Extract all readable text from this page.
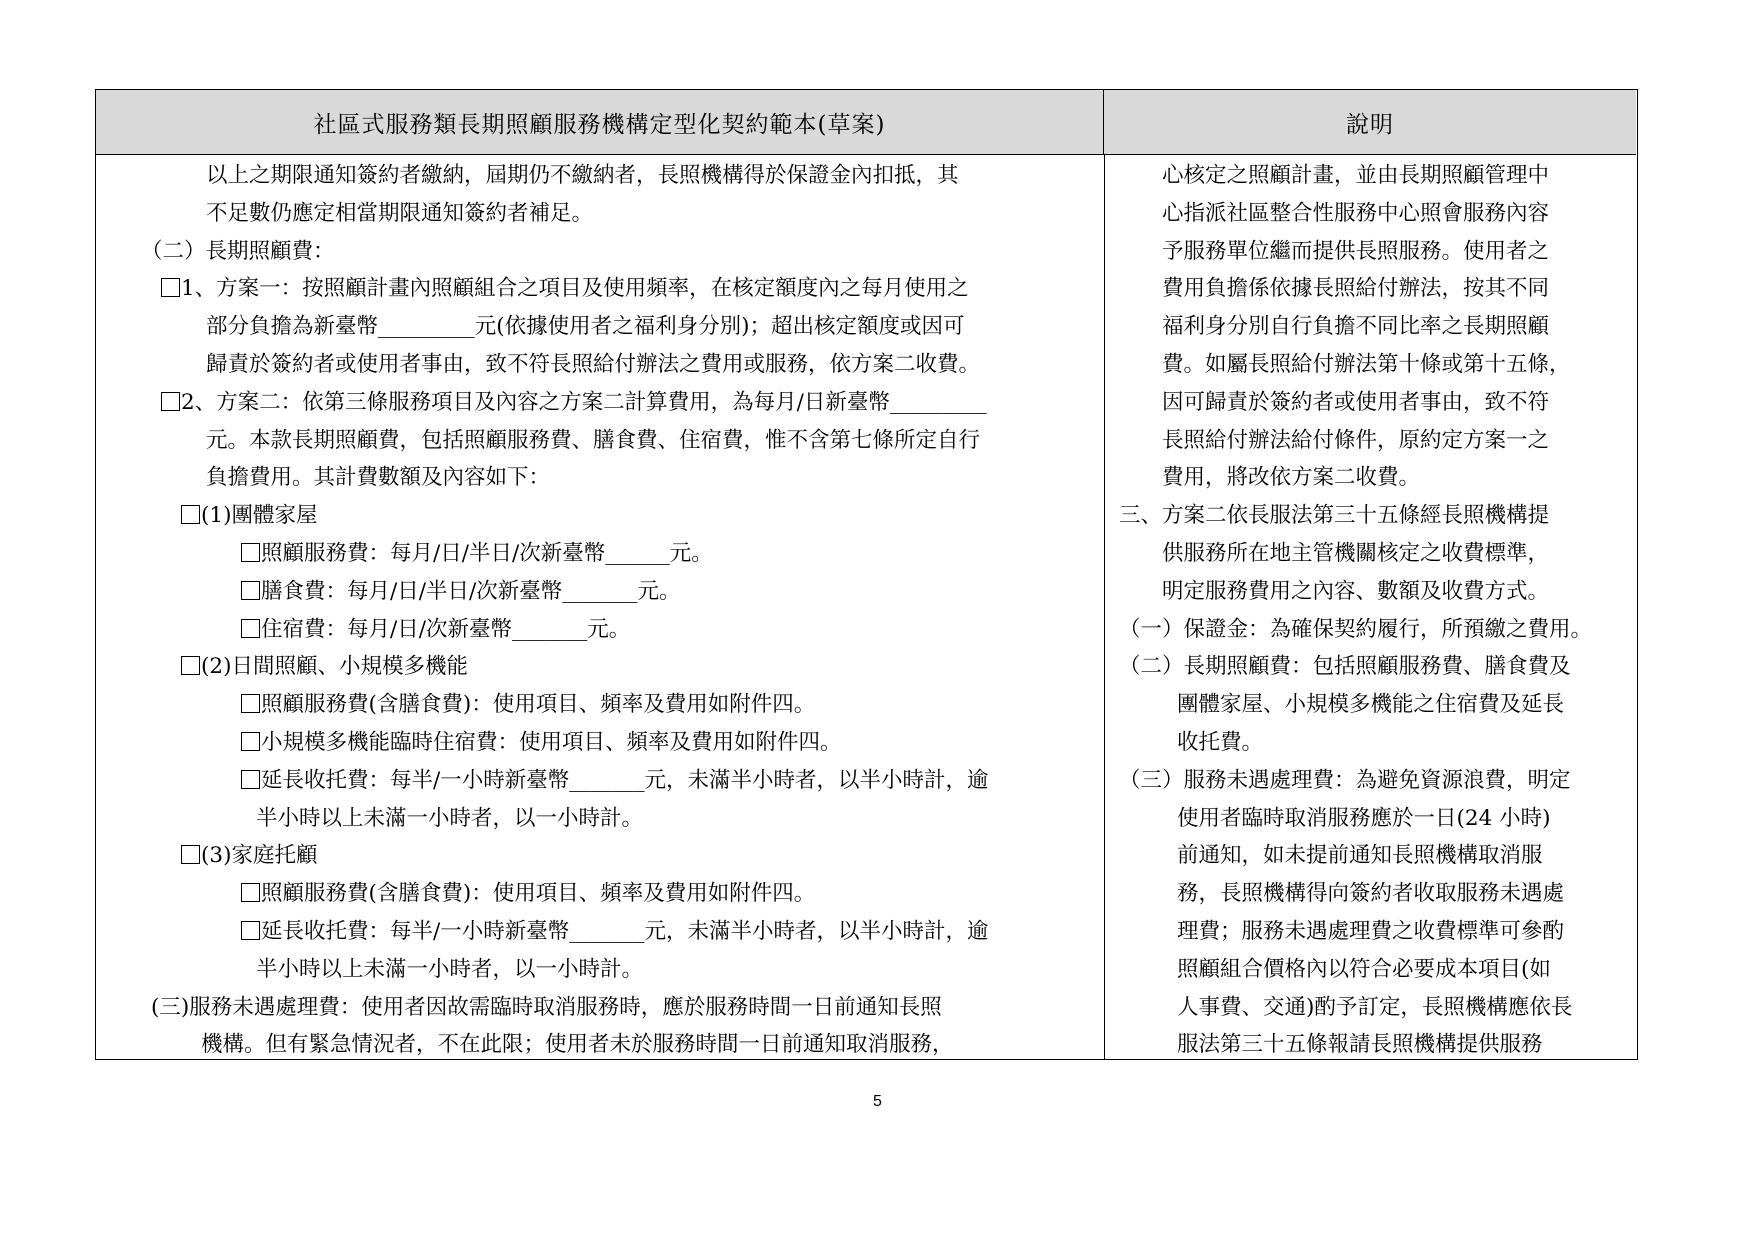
社區式服務類長期照顧服務機構定型化契約範本(草案)	說明
以上之期限通知簽約者繳納，屆期仍不繳納者，長照機構得於保證金內扣抵，其
不足數仍應定相當期限通知簽約者補足。
（二）長期照顧費：
1、方案一：按照顧計畫內照顧組合之項目及使用頻率，在核定額度內之每月使用之
部分負擔為新臺幣_________元(依據使用者之福利身分別)；超出核定額度或因可
歸責於簽約者或使用者事由，致不符長照給付辦法之費用或服務，依方案二收費。
2、方案二：依第三條服務項目及內容之方案二計算費用，為每月/日新臺幣_________
元。本款長期照顧費，包括照顧服務費、膳食費、住宿費，惟不含第七條所定自行
負擔費用。其計費數額及內容如下：
(1)團體家屋
照顧服務費：每月/日/半日/次新臺幣______元。
膳食費：每月/日/半日/次新臺幣_______元。
住宿費：每月/日/次新臺幣_______元。
(2)日間照顧、小規模多機能
照顧服務費(含膳食費)：使用項目、頻率及費用如附件四。
小規模多機能臨時住宿費：使用項目、頻率及費用如附件四。
延長收托費：每半/一小時新臺幣_______元，未滿半小時者，以半小時計，逾
半小時以上未滿一小時者，以一小時計。
(3)家庭托顧
照顧服務費(含膳食費)：使用項目、頻率及費用如附件四。
延長收托費：每半/一小時新臺幣_______元，未滿半小時者，以半小時計，逾
半小時以上未滿一小時者，以一小時計。
(三)服務未遇處理費：使用者因故需臨時取消服務時，應於服務時間一日前通知長照
機構。但有緊急情況者，不在此限；使用者未於服務時間一日前通知取消服務，
心核定之照顧計畫，並由長期照顧管理中
心指派社區整合性服務中心照會服務內容
予服務單位繼而提供長照服務。使用者之
費用負擔係依據長照給付辦法，按其不同
福利身分別自行負擔不同比率之長期照顧
費。如屬長照給付辦法第十條或第十五條，
因可歸責於簽約者或使用者事由，致不符
長照給付辦法給付條件，原約定方案一之
費用，將改依方案二收費。
三、方案二依長服法第三十五條經長照機構提
供服務所在地主管機關核定之收費標準，
明定服務費用之內容、數額及收費方式。
（一）保證金：為確保契約履行，所預繳之費用。
（二）長期照顧費：包括照顧服務費、膳食費及
團體家屋、小規模多機能之住宿費及延長
收托費。
（三）服務未遇處理費：為避免資源浪費，明定
使用者臨時取消服務應於一日(24 小時)
前通知，如未提前通知長照機構取消服
務，長照機構得向簽約者收取服務未遇處
理費；服務未遇處理費之收費標準可參酌
照顧組合價格內以符合必要成本項目(如
人事費、交通)酌予訂定，長照機構應依長
服法第三十五條報請長照機構提供服務
5
